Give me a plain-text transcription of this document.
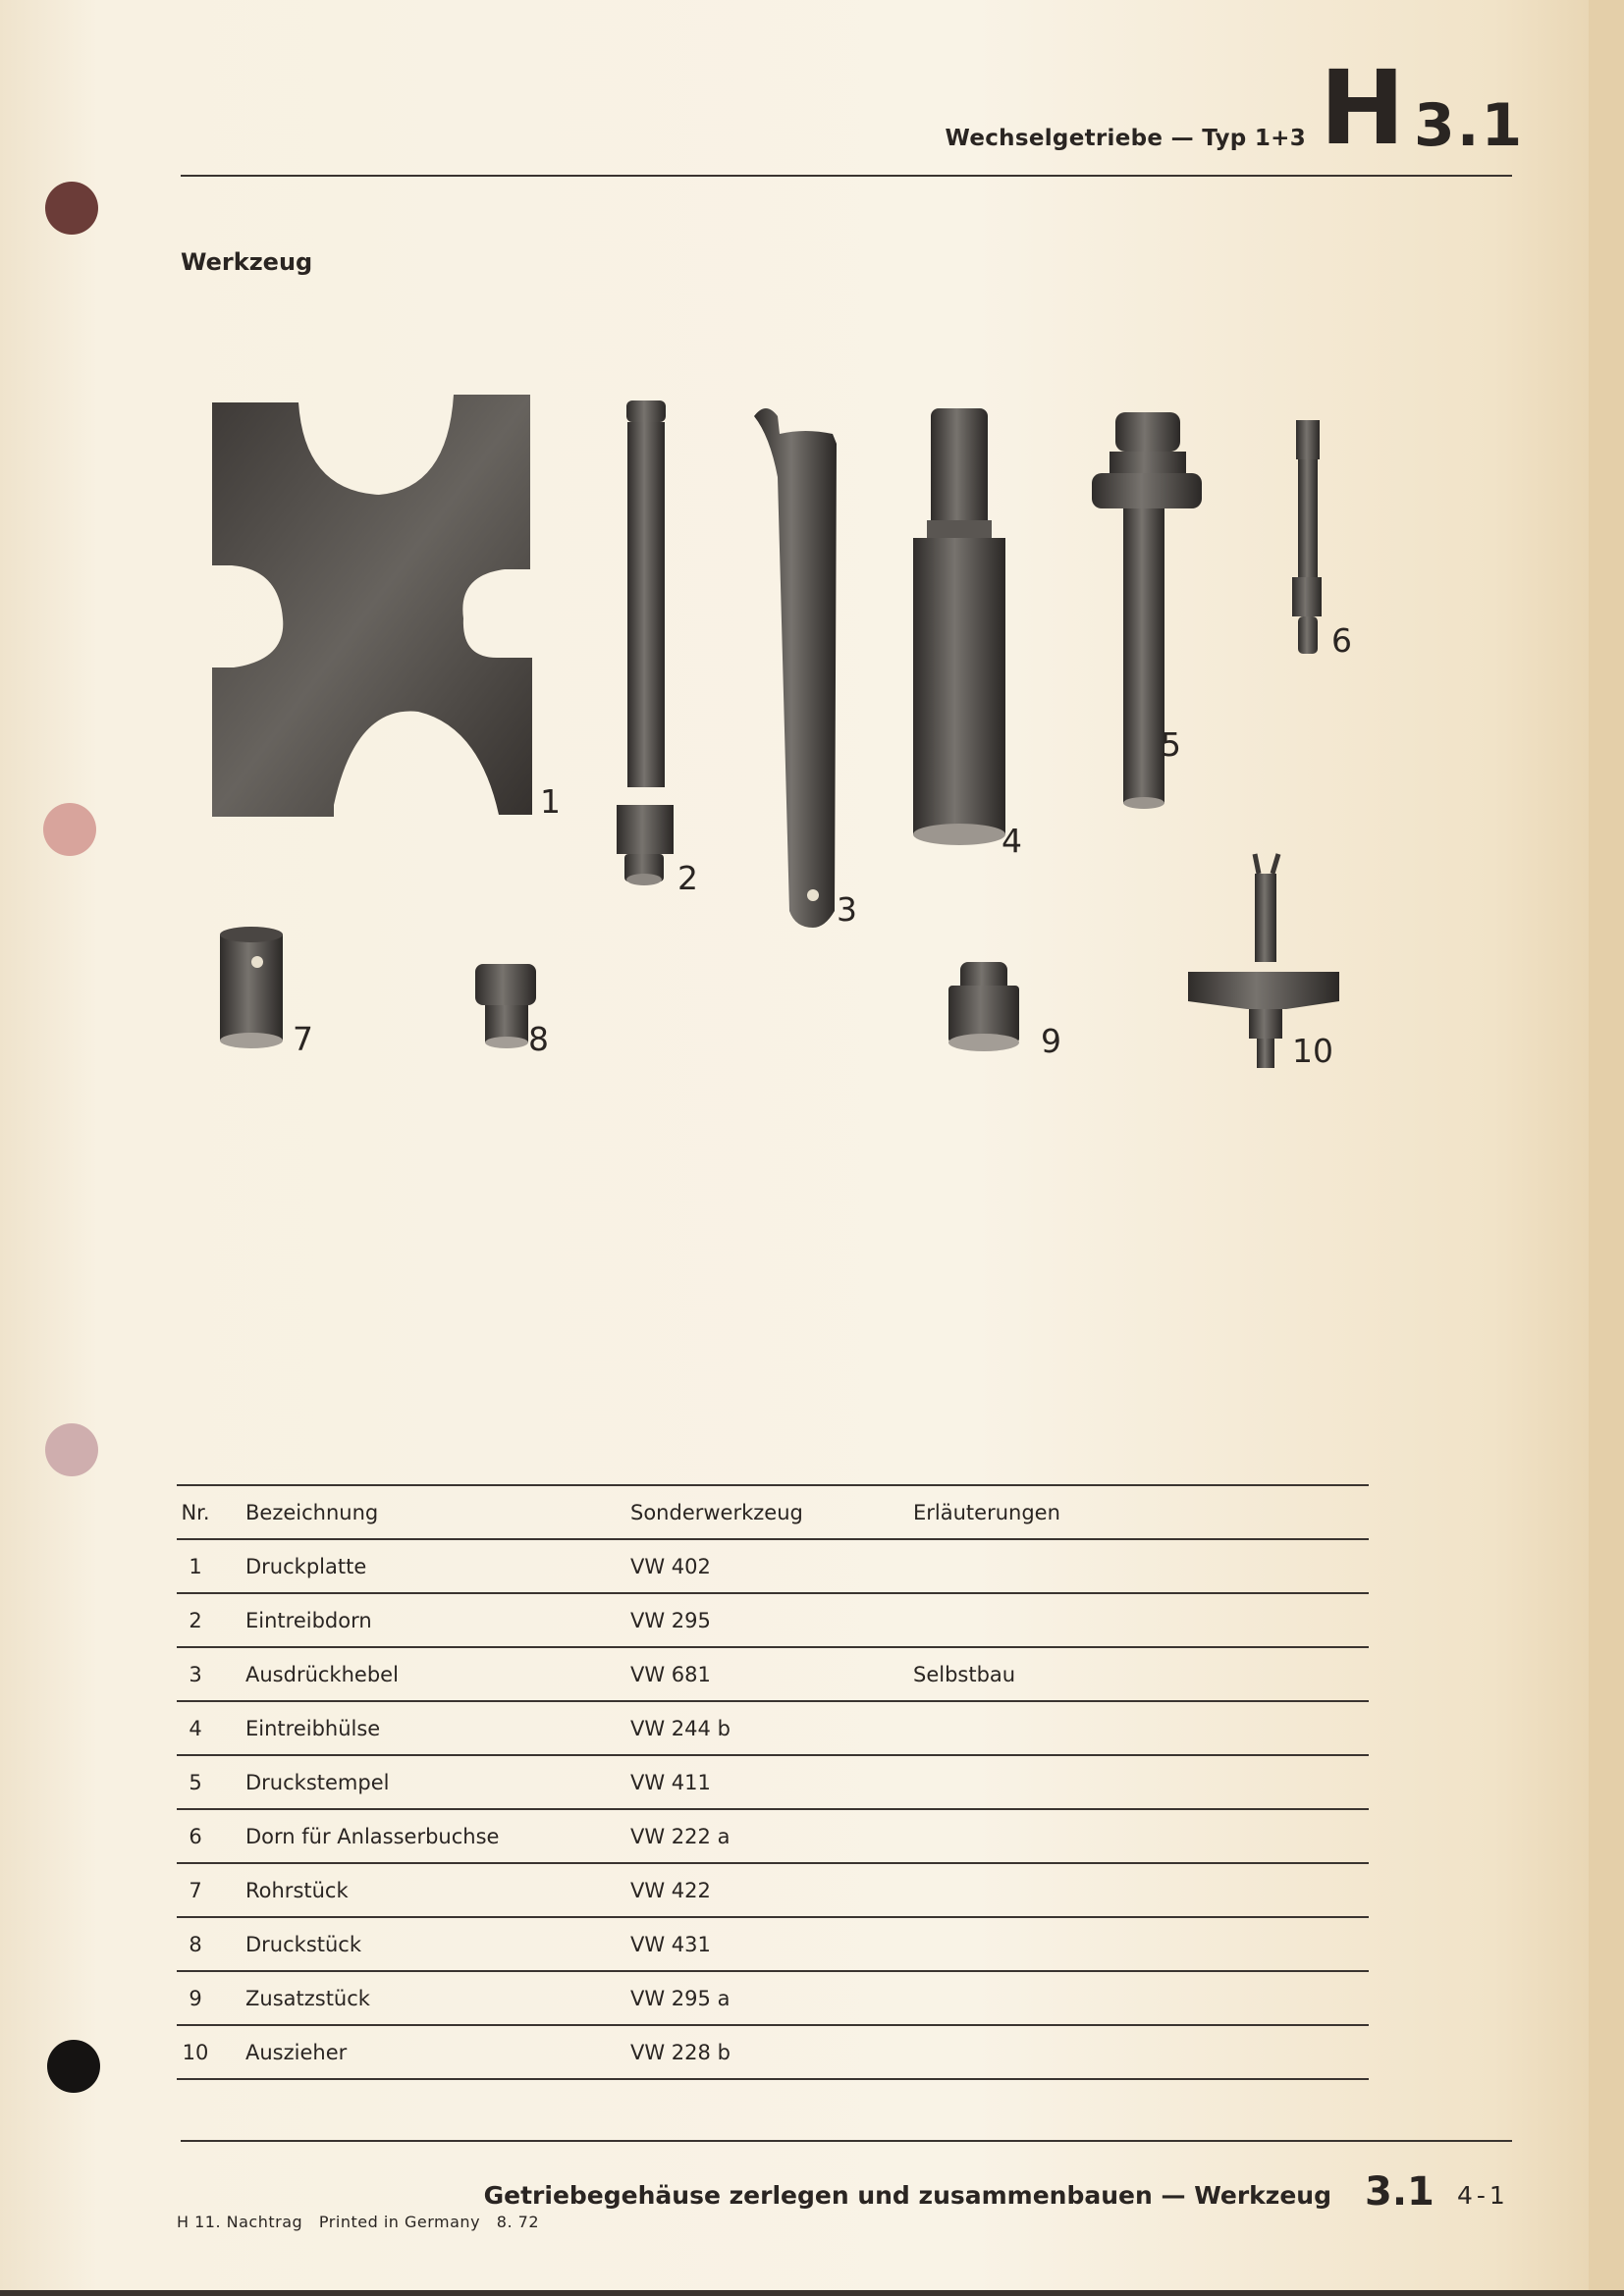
Wechselgetriebe — Typ 1+3 H 3.1
Werkzeug
1
2
3
4
5
6
7	8	9	10
Nr.	Bezeichnung	Sonderwerkzeug	Erläuterungen
1	Druckplatte	VW 402
2	Eintreibdorn	VW 295
3	Ausdrückhebel	VW 681	Selbstbau
4	Eintreibhülse	VW 244 b
5	Druckstempel	VW 411
6	Dorn für Anlasserbuchse	VW 222 a
7	Rohrstück	VW 422
8	Druckstück	VW 431
9	Zusatzstück	VW 295 a
10	Auszieher	VW 228 b
Getriebegehäuse zerlegen und zusammenbauen — Werkzeug 3.1 4-1
H 11. Nachtrag   Printed in Germany   8. 72
